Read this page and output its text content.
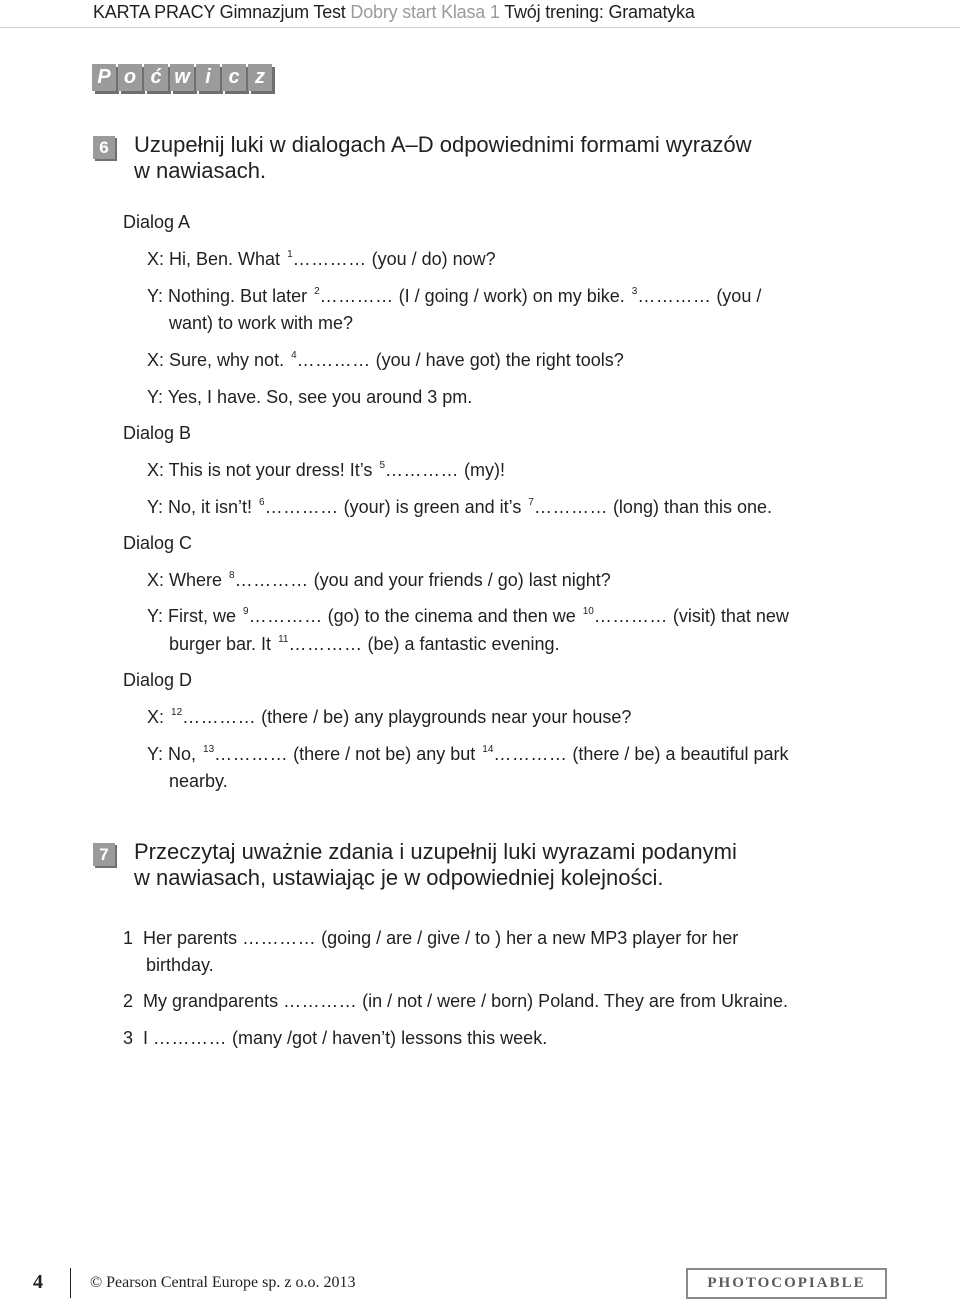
KARTA PRACY Gimnazjum Test Dobry start Klasa 1 Twój trening: Gramatyka
P o ć w i c z
6 Uzupełnij luki w dialogach A–D odpowiednimi formami wyrazów
w nawiasach.
Dialog A
X: Hi, Ben. What $^1$………… (you / do) now?
Y: Nothing. But later $^2$………… (I / going / work) on my bike. $^3$………… (you /
want) to work with me?
X: Sure, why not. $^4$………… (you / have got) the right tools?
Y: Yes, I have. So, see you around 3 pm.
Dialog B
X: This is not your dress! It’s $^5$………… (my)!
Y: No, it isn’t! $^6$………… (your) is green and it’s $^7$………… (long) than this one.
Dialog C
X: Where $^8$………… (you and your friends / go) last night?
Y: First, we $^9$………… (go) to the cinema and then we $^{10}$………… (visit) that new
burger bar. It $^{11}$………… (be) a fantastic evening.
Dialog D
X: $^{12}$………… (there / be) any playgrounds near your house?
Y: No, $^{13}$………… (there / not be) any but $^{14}$………… (there / be) a beautiful park
nearby.
7 Przeczytaj uważnie zdania i uzupełnij luki wyrazami podanymi
w nawiasach, ustawiając je w odpowiedniej kolejności.
1 Her parents ………… (going / are / give / to ) her a new MP3 player for her
birthday.
2 My grandparents ………… (in / not / were / born) Poland. They are from Ukraine.
3 I ………… (many /got / haven’t) lessons this week.
4	© Pearson Central Europe sp. z o.o. 2013	PHOTOCOPIABLE
